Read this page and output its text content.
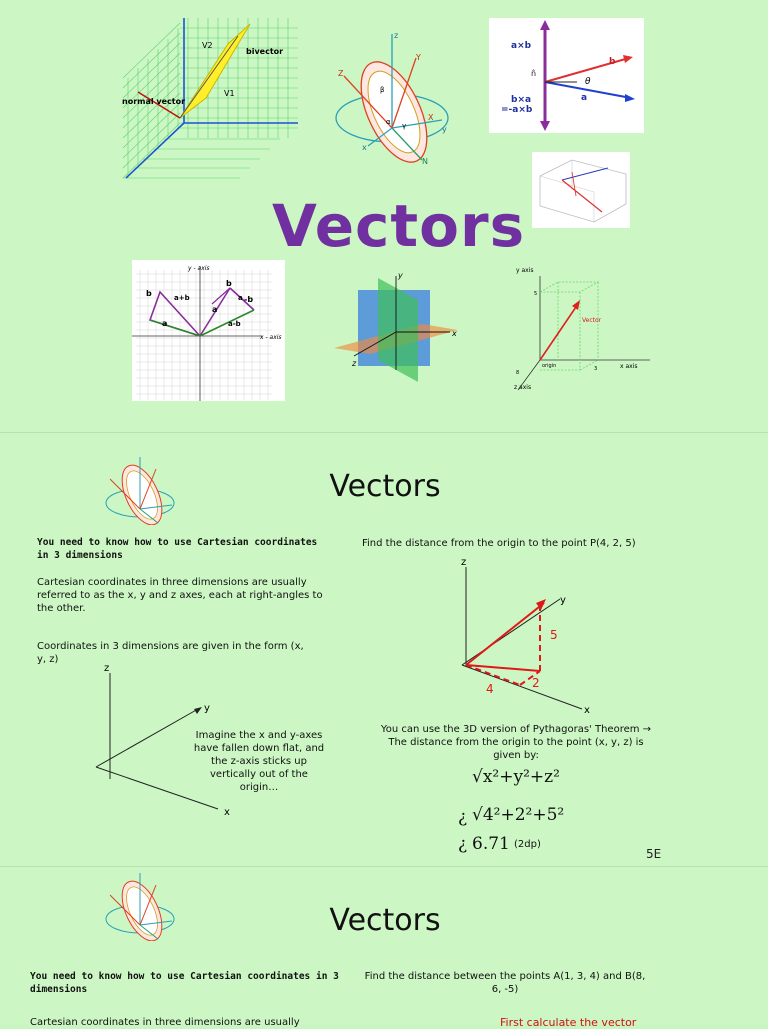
V2
V1
bivector
normal vector
z
Y
Z
X
y
N
x
α
β
γ
a×b
n̂
b
a
θ
b×a
=-a×b
Vectors
y - axis
x - axis
b	a+b
a
a
b
-b
a-b
a
y
x
z
y axis
x axis
z axis
Vector
origin
5
3
8
Vectors
You need to know how to use Cartesian coordinates in 3 dimensions
Cartesian coordinates in three dimensions are usually referred to as the x, y and z axes, each at right-angles to the other.
Coordinates in 3 dimensions are given in the form (x, y, z)
z
y
x
Imagine the x and y-axes have fallen down flat, and the z-axis sticks up vertically out of the origin…
Find the distance from the origin to the point P(4, 2, 5)
z
y
x
5
4	2
You can use the 3D version of Pythagoras' Theorem → The distance from the origin to the point (x, y, z) is given by:
√x²+y²+z²
¿ √4²+2²+5²
¿ 6.71 (2dp)
5E
Vectors
You need to know how to use Cartesian coordinates in 3 dimensions
Find the distance between the points A(1, 3, 4) and B(8, 6, -5)
Cartesian coordinates in three dimensions are usually	First calculate the vector
